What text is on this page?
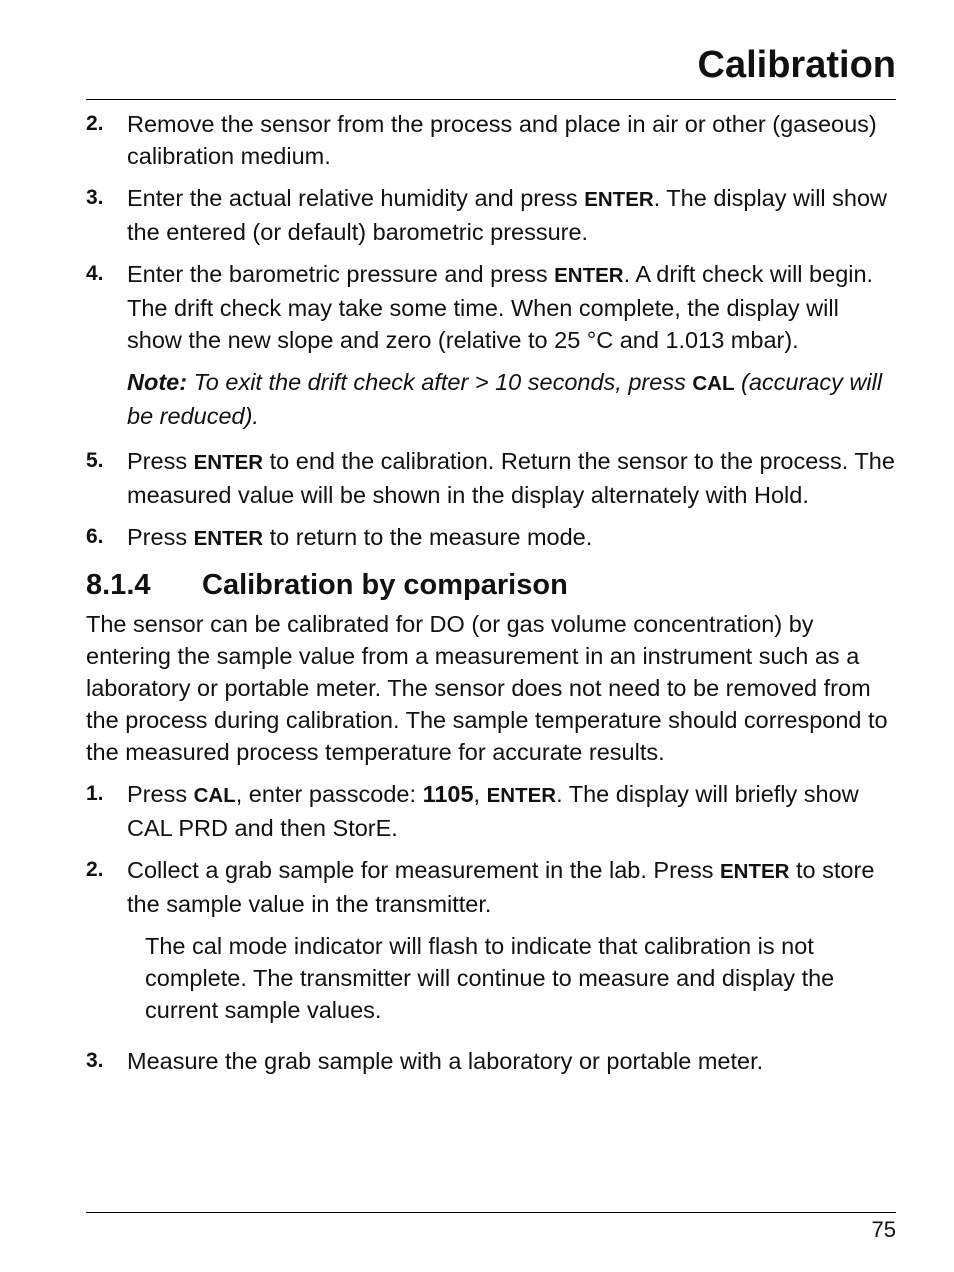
Calibration
2. Remove the sensor from the process and place in air or other (gaseous) calibration medium.
3. Enter the actual relative humidity and press ENTER. The display will show the entered (or default) barometric pressure.
4. Enter the barometric pressure and press ENTER. A drift check will begin. The drift check may take some time. When complete, the display will show the new slope and zero (relative to 25 °C and 1.013 mbar).
Note: To exit the drift check after > 10 seconds, press CAL (accuracy will be reduced).
5. Press ENTER to end the calibration. Return the sensor to the process. The measured value will be shown in the display alternately with Hold.
6. Press ENTER to return to the measure mode.
8.1.4 Calibration by comparison

The sensor can be calibrated for DO (or gas volume concentration) by entering the sample value from a measurement in an instrument such as a laboratory or portable meter. The sensor does not need to be removed from the process during calibration. The sample temperature should correspond to the measured process temperature for accurate results.

1. Press CAL, enter passcode: 1105, ENTER. The display will briefly show CAL PRD and then StorE.
2. Collect a grab sample for measurement in the lab. Press ENTER to store the sample value in the transmitter.

The cal mode indicator will flash to indicate that calibration is not complete. The transmitter will continue to measure and display the current sample values.

3. Measure the grab sample with a laboratory or portable meter.
75
